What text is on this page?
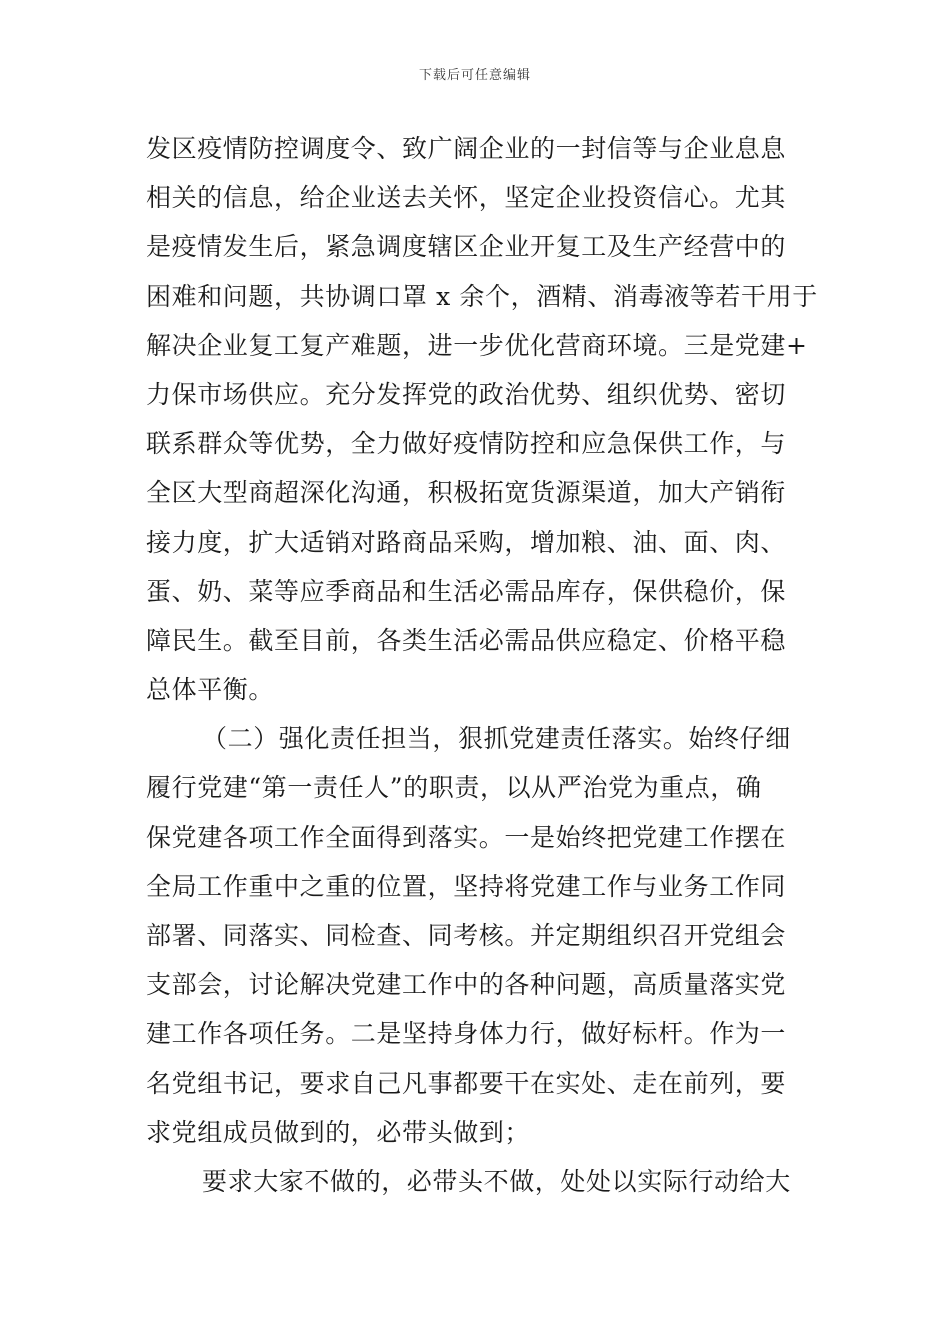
下载后可任意编辑
发区疫情防控调度令、致广阔企业的一封信等与企业息息
相关的信息，给企业送去关怀，坚定企业投资信心。尤其
是疫情发生后，紧急调度辖区企业开复工及生产经营中的
困难和问题，共协调口罩 x 余个，酒精、消毒液等若干用于
解决企业复工复产难题，进一步优化营商环境。三是党建+
力保市场供应。充分发挥党的政治优势、组织优势、密切
联系群众等优势，全力做好疫情防控和应急保供工作，与
全区大型商超深化沟通，积极拓宽货源渠道，加大产销衔
接力度，扩大适销对路商品采购，增加粮、油、面、肉、
蛋、奶、菜等应季商品和生活必需品库存，保供稳价，保
障民生。截至目前，各类生活必需品供应稳定、价格平稳
总体平衡。
（二）强化责任担当，狠抓党建责任落实。始终仔细
履行党建“第一责任人”的职责，以从严治党为重点，确
保党建各项工作全面得到落实。一是始终把党建工作摆在
全局工作重中之重的位置，坚持将党建工作与业务工作同
部署、同落实、同检查、同考核。并定期组织召开党组会
支部会，讨论解决党建工作中的各种问题，高质量落实党
建工作各项任务。二是坚持身体力行，做好标杆。作为一
名党组书记，要求自己凡事都要干在实处、走在前列，要
求党组成员做到的，必带头做到；
要求大家不做的，必带头不做，处处以实际行动给大
